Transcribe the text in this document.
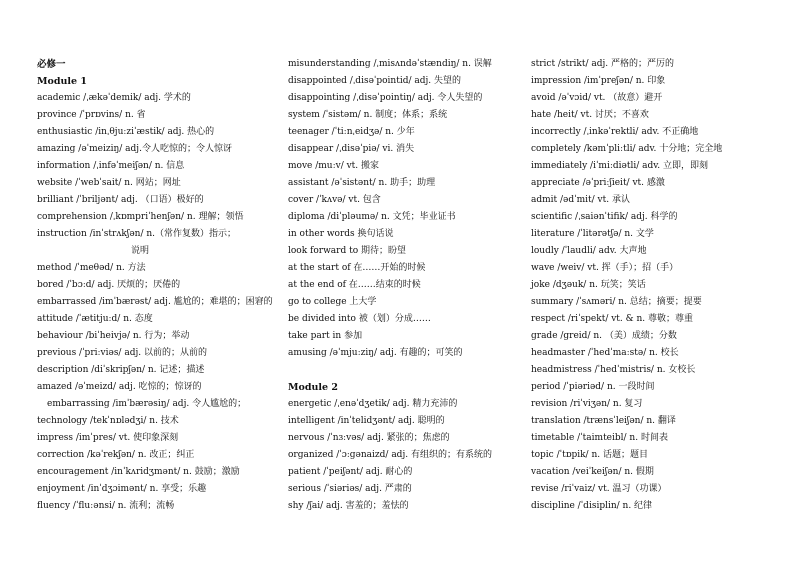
必修一
Module 1
academic /ˌækəˈdemik/ adj. 学术的
province /ˈprɒvins/ n. 省
enthusiastic /inˌθjuːziˈæstik/ adj. 热心的
amazing /əˈmeiziŋ/ adj.令人吃惊的；令人惊讶
information /ˌinfəˈmeiʃən/ n. 信息
website /ˈwebˈsait/ n. 网站；网址
brilliant /ˈbriljənt/ adj. （口语）极好的
comprehension /ˌkɒmpriˈhenʃən/ n. 理解；领悟
instruction /inˈstrʌkʃən/ n.（常作复数）指示；
说明
method /ˈmeθəd/ n. 方法
bored /ˈbɔːd/ adj. 厌烦的；厌倦的
embarrassed /imˈbærəst/ adj. 尴尬的；难堪的；困窘的
attitude /ˈætitjuːd/ n. 态度
behaviour /biˈheivjə/ n. 行为；举动
previous /ˈpriːviəs/ adj. 以前的；从前的
description /diˈskripʃən/ n. 记述；描述
amazed /əˈmeizd/ adj. 吃惊的；惊讶的
embarrassing /imˈbærəsiŋ/ adj. 令人尴尬的；
technology /tekˈnɒlədʒi/ n. 技术
impress /imˈpres/ vt. 使印象深刻
correction /kəˈrekʃən/ n. 改正；纠正
encouragement /inˈkʌridʒmənt/ n. 鼓励；激励
enjoyment /inˈdʒɔimənt/ n. 享受；乐趣
fluency /ˈfluːənsi/ n. 流利；流畅
misunderstanding /ˌmisʌndəˈstændiŋ/ n. 误解
disappointed /ˌdisəˈpointid/ adj. 失望的
disappointing /ˌdisəˈpointiŋ/ adj. 令人失望的
system /ˈsistəm/ n. 制度；体系；系统
teenager /ˈtiːnˌeidʒə/ n. 少年
disappear /ˌdisəˈpiə/ vi. 消失
move /muːv/ vt. 搬家
assistant /əˈsistənt/ n. 助手；助理
cover /ˈkʌvə/ vt. 包含
diploma /diˈpləumə/ n. 文凭；毕业证书
in other words 换句话说
look forward to 期待；盼望
at the start of 在……开始的时候
at the end of 在……结束的时候
go to college 上大学
be divided into 被（划）分成……
take part in 参加
amusing /əˈmjuːziŋ/ adj. 有趣的；可笑的
Module 2
energetic /ˌenəˈdʒetik/ adj. 精力充沛的
intelligent /inˈtelidʒənt/ adj. 聪明的
nervous /ˈnɜːvəs/ adj. 紧张的；焦虑的
organized /ˈɔːgənaizd/ adj. 有组织的；有系统的
patient /ˈpeiʃənt/ adj. 耐心的
serious /ˈsiəriəs/ adj. 严肃的
shy /ʃai/ adj. 害羞的；羞怯的
strict /strikt/ adj. 严格的；严厉的
impression /imˈpreʃən/ n. 印象
avoid /əˈvɔid/ vt. （故意）避开
hate /heit/ vt. 讨厌；不喜欢
incorrectly /ˌinkəˈrektli/ adv. 不正确地
completely /kəmˈpliːtli/ adv. 十分地；完全地
immediately /iˈmiːdiətli/ adv. 立即，即刻
appreciate /əˈpriːʃieit/ vt. 感激
admit /ədˈmit/ vt. 承认
scientific /ˌsaiənˈtifik/ adj. 科学的
literature /ˈlitərətʃə/ n. 文学
loudly /ˈlaudli/ adv. 大声地
wave /weiv/ vt. 挥（手）；招（手）
joke /dʒəuk/ n. 玩笑；笑话
summary /ˈsʌməri/ n. 总结；摘要；提要
respect /riˈspekt/ vt. & n. 尊敬；尊重
grade /greid/ n. （美）成绩；分数
headmaster /ˈhedˈmaːstə/ n. 校长
headmistress /ˈhedˈmistris/ n. 女校长
period /ˈpiəriəd/ n. 一段时间
revision /riˈviʒən/ n. 复习
translation /trænsˈleiʃən/ n. 翻译
timetable /ˈtaimteibl/ n. 时间表
topic /ˈtɒpik/ n. 话题；题目
vacation /veiˈkeiʃən/ n. 假期
revise /riˈvaiz/ vt. 温习（功课）
discipline /ˈdisiplin/ n. 纪律
